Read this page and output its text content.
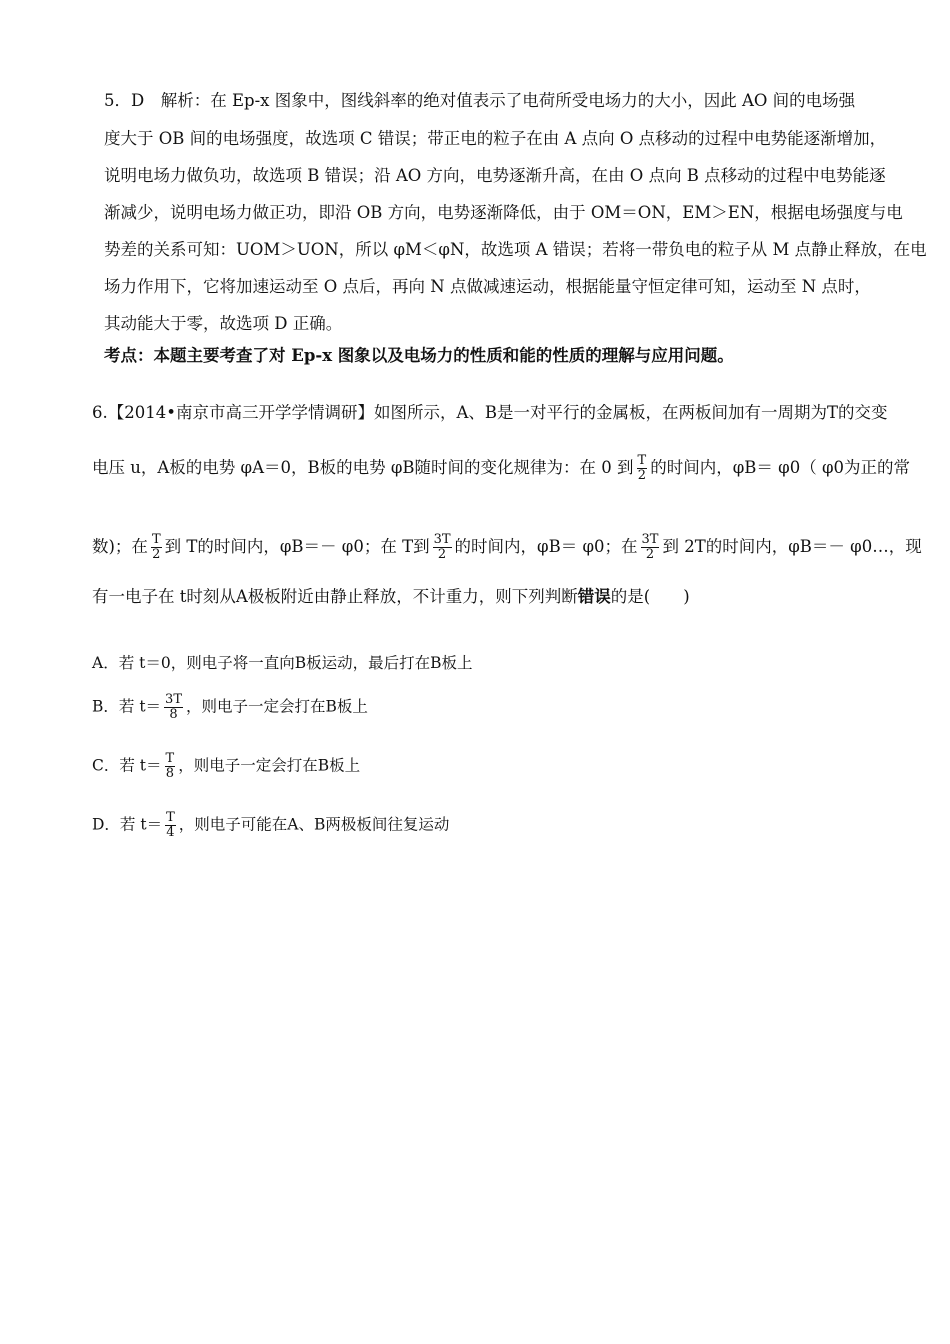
5．D　解析：在 Ep-x 图象中，图线斜率的绝对值表示了电荷所受电场力的大小，因此 AO 间的电场强
度大于 OB 间的电场强度，故选项 C 错误；带正电的粒子在由 A 点向 O 点移动的过程中电势能逐渐增加，
说明电场力做负功，故选项 B 错误；沿 AO 方向，电势逐渐升高，在由 O 点向 B 点移动的过程中电势能逐
渐减少，说明电场力做正功，即沿 OB 方向，电势逐渐降低，由于 OM＝ON，EM＞EN，根据电场强度与电
势差的关系可知：UOM＞UON，所以 φM＜φN，故选项 A 错误；若将一带负电的粒子从 M 点静止释放，在电
场力作用下，它将加速运动至 O 点后，再向 N 点做减速运动，根据能量守恒定律可知，运动至 N 点时，
其动能大于零，故选项 D 正确。
考点：本题主要考查了对 Ep-x 图象以及电场力的性质和能的性质的理解与应用问题。
6.【2014•南京市高三开学学情调研】如图所示，A、B是一对平行的金属板，在两板间加有一周期为T的交变
电压 u，A板的电势 φA＝0，B板的电势 φB随时间的变化规律为：在 0 到 $\frac{T}{2}$ 的时间内，φB＝ φ0（ φ0为正的常
数)；在 $\frac{T}{2}$ 到 T的时间内，φB＝－ φ0；在 T到 $\frac{3T}{2}$ 的时间内，φB＝ φ0；在 $\frac{3T}{2}$ 到 2T的时间内，φB＝－ φ0…，现
有一电子在 t时刻从A极板附近由静止释放，不计重力，则下列判断错误的是(　　)
A．若 t＝0，则电子将一直向B板运动，最后打在B板上
B．若 $t= \frac{3T}{8}$ ，则电子一定会打在B板上
C．若 $t= \frac{T}{8}$ ，则电子一定会打在B板上
D．若 $t= \frac{T}{4}$ ，则电子可能在A、B两极板间往复运动
